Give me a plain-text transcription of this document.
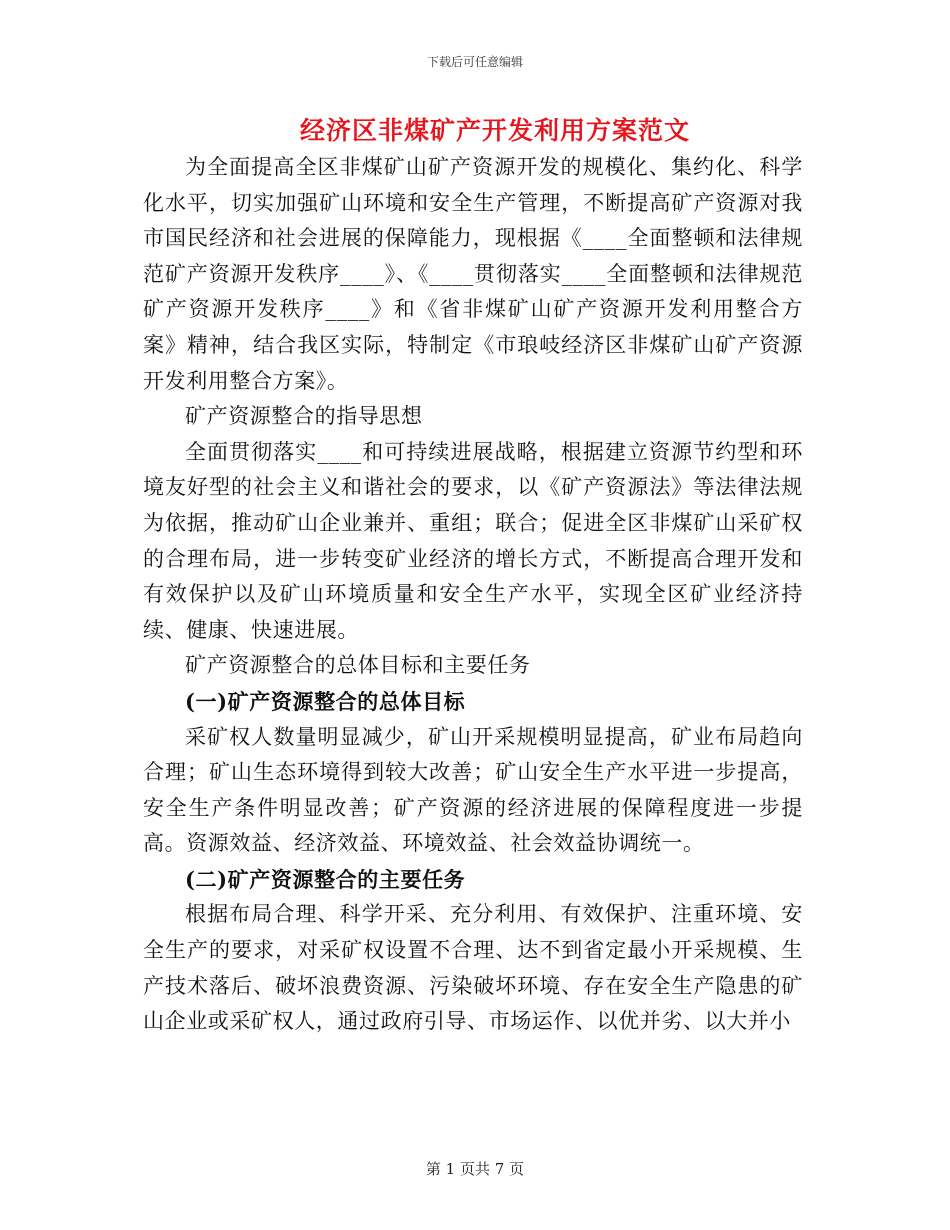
下载后可任意编辑
经济区非煤矿产开发利用方案范文

为全面提高全区非煤矿山矿产资源开发的规模化、集约化、科学化水平，切实加强矿山环境和安全生产管理，不断提高矿产资源对我市国民经济和社会进展的保障能力，现根据《____全面整顿和法律规范矿产资源开发秩序____》、《____贯彻落实____全面整顿和法律规范矿产资源开发秩序____》和《省非煤矿山矿产资源开发利用整合方案》精神，结合我区实际，特制定《市琅岐经济区非煤矿山矿产资源开发利用整合方案》。

矿产资源整合的指导思想

全面贯彻落实____和可持续进展战略，根据建立资源节约型和环境友好型的社会主义和谐社会的要求，以《矿产资源法》等法律法规为依据，推动矿山企业兼并、重组；联合；促进全区非煤矿山采矿权的合理布局，进一步转变矿业经济的增长方式，不断提高合理开发和有效保护以及矿山环境质量和安全生产水平，实现全区矿业经济持续、健康、快速进展。

矿产资源整合的总体目标和主要任务

(一)矿产资源整合的总体目标

采矿权人数量明显减少，矿山开采规模明显提高，矿业布局趋向合理；矿山生态环境得到较大改善；矿山安全生产水平进一步提高，安全生产条件明显改善；矿产资源的经济进展的保障程度进一步提高。资源效益、经济效益、环境效益、社会效益协调统一。

(二)矿产资源整合的主要任务

根据布局合理、科学开采、充分利用、有效保护、注重环境、安全生产的要求，对采矿权设置不合理、达不到省定最小开采规模、生产技术落后、破坏浪费资源、污染破坏环境、存在安全生产隐患的矿山企业或采矿权人，通过政府引导、市场运作、以优并劣、以大并小

第 1 页共 7 页
